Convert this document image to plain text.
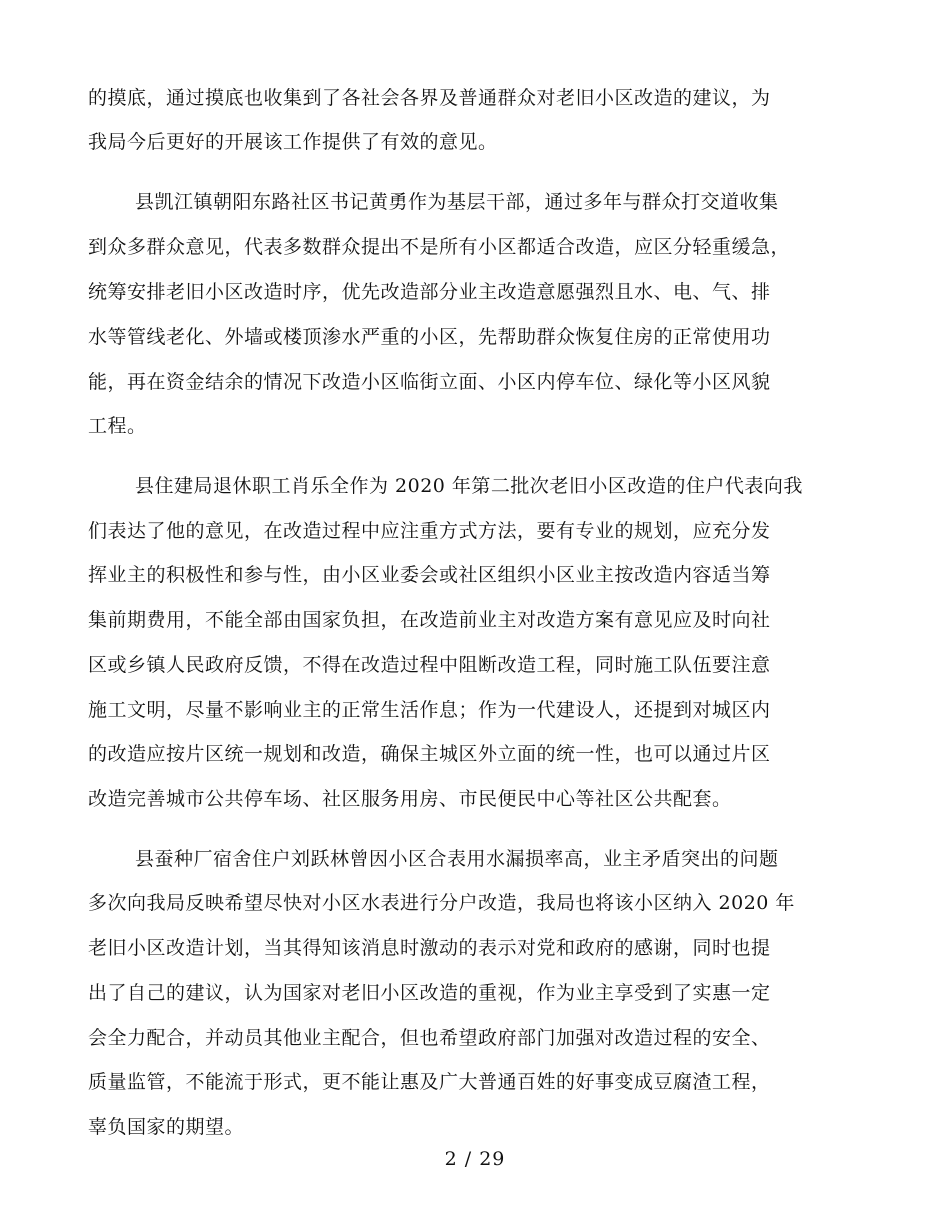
的摸底，通过摸底也收集到了各社会各界及普通群众对老旧小区改造的建议，为
我局今后更好的开展该工作提供了有效的意见。
县凯江镇朝阳东路社区书记黄勇作为基层干部，通过多年与群众打交道收集
到众多群众意见，代表多数群众提出不是所有小区都适合改造，应区分轻重缓急，
统筹安排老旧小区改造时序，优先改造部分业主改造意愿强烈且水、电、气、排
水等管线老化、外墙或楼顶渗水严重的小区，先帮助群众恢复住房的正常使用功
能，再在资金结余的情况下改造小区临街立面、小区内停车位、绿化等小区风貌
工程。
县住建局退休职工肖乐全作为 2020 年第二批次老旧小区改造的住户代表向我
们表达了他的意见，在改造过程中应注重方式方法，要有专业的规划，应充分发
挥业主的积极性和参与性，由小区业委会或社区组织小区业主按改造内容适当筹
集前期费用，不能全部由国家负担，在改造前业主对改造方案有意见应及时向社
区或乡镇人民政府反馈，不得在改造过程中阻断改造工程，同时施工队伍要注意
施工文明，尽量不影响业主的正常生活作息；作为一代建设人，还提到对城区内
的改造应按片区统一规划和改造，确保主城区外立面的统一性，也可以通过片区
改造完善城市公共停车场、社区服务用房、市民便民中心等社区公共配套。
县蚕种厂宿舍住户刘跃林曾因小区合表用水漏损率高，业主矛盾突出的问题
多次向我局反映希望尽快对小区水表进行分户改造，我局也将该小区纳入 2020 年
老旧小区改造计划，当其得知该消息时激动的表示对党和政府的感谢，同时也提
出了自己的建议，认为国家对老旧小区改造的重视，作为业主享受到了实惠一定
会全力配合，并动员其他业主配合，但也希望政府部门加强对改造过程的安全、
质量监管，不能流于形式，更不能让惠及广大普通百姓的好事变成豆腐渣工程，
辜负国家的期望。
2 / 29
